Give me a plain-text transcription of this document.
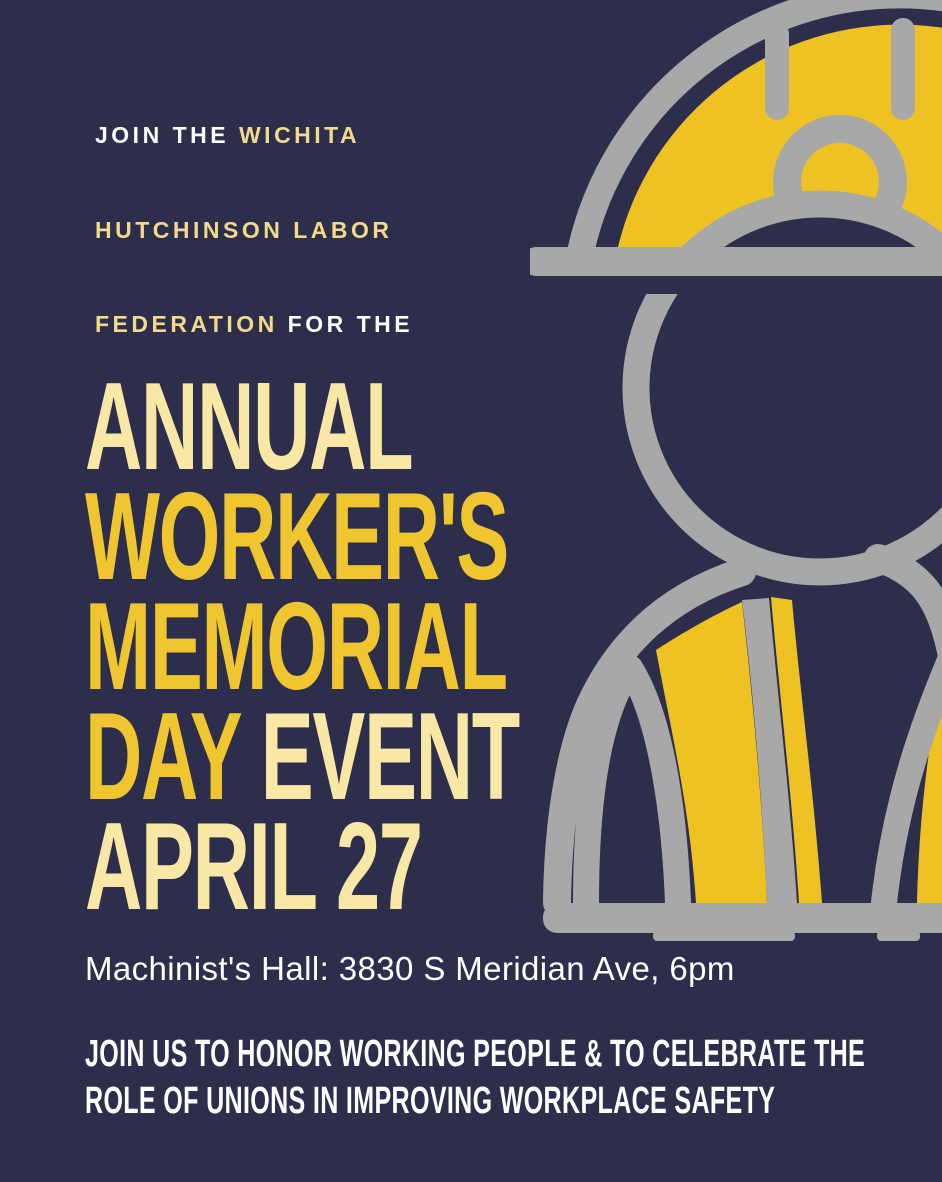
JOIN THE WICHITA

HUTCHINSON LABOR

FEDERATION FOR THE

ANNUAL
WORKER'S
MEMORIAL
DAY EVENT
APRIL 27
Machinist's Hall: 3830 S Meridian Ave, 6pm
JOIN US TO HONOR WORKING PEOPLE & TO CELEBRATE THE
ROLE OF UNIONS IN IMPROVING WORKPLACE SAFETY
